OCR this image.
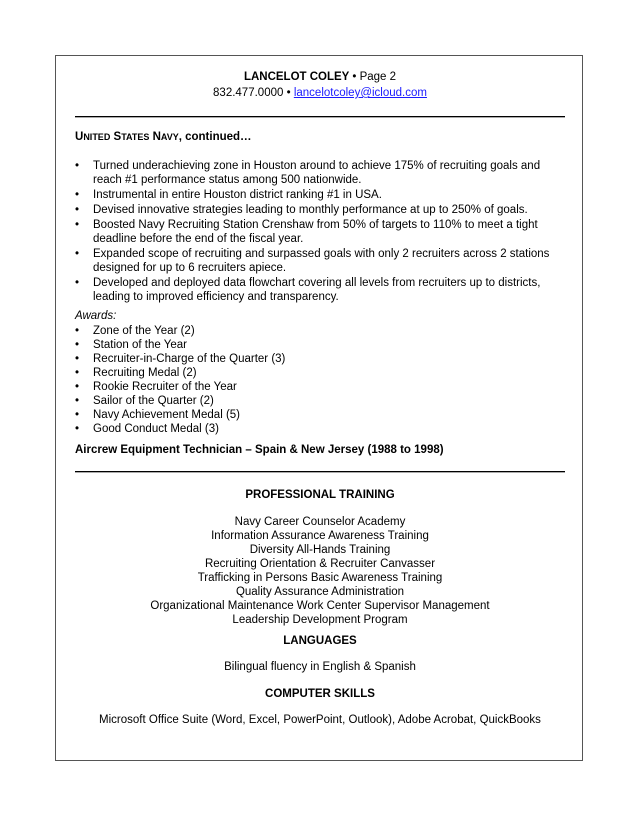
LANCELOT COLEY • Page 2
832.477.0000 • lancelotcoley@icloud.com
UNITED STATES NAVY, continued…
• Turned underachieving zone in Houston around to achieve 175% of recruiting goals and reach #1 performance status among 500 nationwide.
• Instrumental in entire Houston district ranking #1 in USA.
• Devised innovative strategies leading to monthly performance at up to 250% of goals.
• Boosted Navy Recruiting Station Crenshaw from 50% of targets to 110% to meet a tight deadline before the end of the fiscal year.
• Expanded scope of recruiting and surpassed goals with only 2 recruiters across 2 stations designed for up to 6 recruiters apiece.
• Developed and deployed data flowchart covering all levels from recruiters up to districts, leading to improved efficiency and transparency.
Awards:
• Zone of the Year (2)
• Station of the Year
• Recruiter-in-Charge of the Quarter (3)
• Recruiting Medal (2)
• Rookie Recruiter of the Year
• Sailor of the Quarter (2)
• Navy Achievement Medal (5)
• Good Conduct Medal (3)
Aircrew Equipment Technician – Spain & New Jersey (1988 to 1998)
PROFESSIONAL TRAINING
Navy Career Counselor Academy
Information Assurance Awareness Training
Diversity All-Hands Training
Recruiting Orientation & Recruiter Canvasser
Trafficking in Persons Basic Awareness Training
Quality Assurance Administration
Organizational Maintenance Work Center Supervisor Management
Leadership Development Program
LANGUAGES
Bilingual fluency in English & Spanish
COMPUTER SKILLS
Microsoft Office Suite (Word, Excel, PowerPoint, Outlook), Adobe Acrobat, QuickBooks
